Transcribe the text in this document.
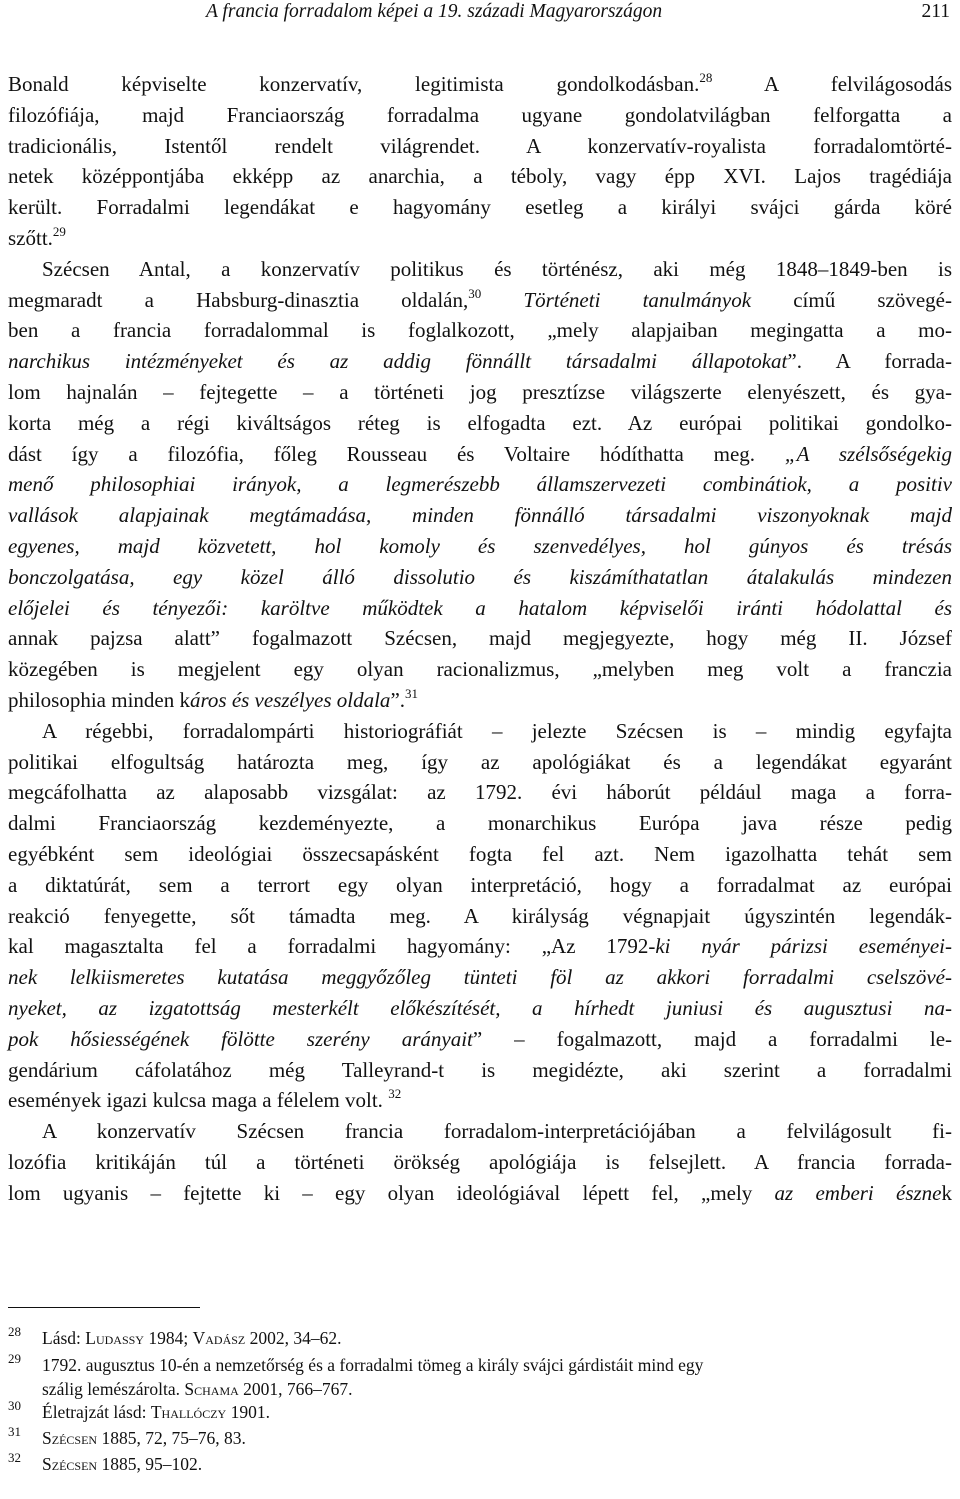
A francia forradalom képei a 19. századi Magyarországon	211
Bonald képviselte konzervatív, legitimista gondolkodásban.$^{28}$ A felvilágosodás
filozófiája, majd Franciaország forradalma ugyane gondolatvilágban felforgatta a
tradicionális, Istentől rendelt világrendet. A konzervatív-royalista forradalomtörté-
netek középpontjába ekképp az anarchia, a téboly, vagy épp XVI. Lajos tragédiája
került. Forradalmi legendákat e hagyomány esetleg a királyi svájci gárda köré
szőtt.$^{29}$
Szécsen Antal, a konzervatív politikus és történész, aki még 1848–1849-ben is
megmaradt a Habsburg-dinasztia oldalán,$^{30}$ Történeti tanulmányok című szövegé-
ben a francia forradalommal is foglalkozott, „mely alapjaiban megingatta a mo-
narchikus intézményeket és az addig fönnállt társadalmi állapotokat”. A forrada-
lom hajnalán – fejtegette – a történeti jog presztízse világszerte elenyészett, és gya-
korta még a régi kiváltságos réteg is elfogadta ezt. Az európai politikai gondolko-
dást így a filozófia, főleg Rousseau és Voltaire hódíthatta meg. „A szélsőségekig
menő philosophiai irányok, a legmerészebb államszervezeti combinátiok, a positiv
vallások alapjainak megtámadása, minden fönnálló társadalmi viszonyoknak majd
egyenes, majd közvetett, hol komoly és szenvedélyes, hol gúnyos és trésás
bonczolgatása, egy közel álló dissolutio és kiszámíthatatlan átalakulás mindezen
előjelei és tényezői: karöltve működtek a hatalom képviselői iránti hódolattal és
annak pajzsa alatt” fogalmazott Szécsen, majd megjegyezte, hogy még II. József
közegében is megjelent egy olyan racionalizmus, „melyben meg volt a franczia
philosophia minden káros és veszélyes oldala”.$^{31}$
A régebbi, forradalompárti historiográfiát – jelezte Szécsen is – mindig egyfajta
politikai elfogultság határozta meg, így az apológiákat és a legendákat egyaránt
megcáfolhatta az alaposabb vizsgálat: az 1792. évi háborút például maga a forra-
dalmi Franciaország kezdeményezte, a monarchikus Európa java része pedig
egyébként sem ideológiai összecsapásként fogta fel azt. Nem igazolhatta tehát sem
a diktatúrát, sem a terrort egy olyan interpretáció, hogy a forradalmat az európai
reakció fenyegette, sőt támadta meg. A királyság végnapjait úgyszintén legendák-
kal magasztalta fel a forradalmi hagyomány: „Az 1792-ki nyár párizsi eseményei-
nek lelkiismeretes kutatása meggyőzőleg tünteti föl az akkori forradalmi cselszövé-
nyeket, az izgatottság mesterkélt előkészítését, a hírhedt juniusi és augusztusi na-
pok hősiességének fölötte szerény arányait” – fogalmazott, majd a forradalmi le-
gendárium cáfolatához még Talleyrand-t is megidézte, aki szerint a forradalmi
események igazi kulcsa maga a félelem volt. $^{32}$
A konzervatív Szécsen francia forradalom-interpretációjában a felvilágosult fi-
lozófia kritikáján túl a történeti örökség apológiája is felsejlett. A francia forrada-
lom ugyanis – fejtette ki – egy olyan ideológiával lépett fel, „mely az emberi észnek
28 Lásd: Ludassy 1984; Vadász 2002, 34–62.
29 1792. augusztus 10-én a nemzetőrség és a forradalmi tömeg a király svájci gárdistáit mind egy
szálig lemészárolta. Schama 2001, 766–767.
30 Életrajzát lásd: Thallóczy 1901.
31 Szécsen 1885, 72, 75–76, 83.
32 Szécsen 1885, 95–102.
